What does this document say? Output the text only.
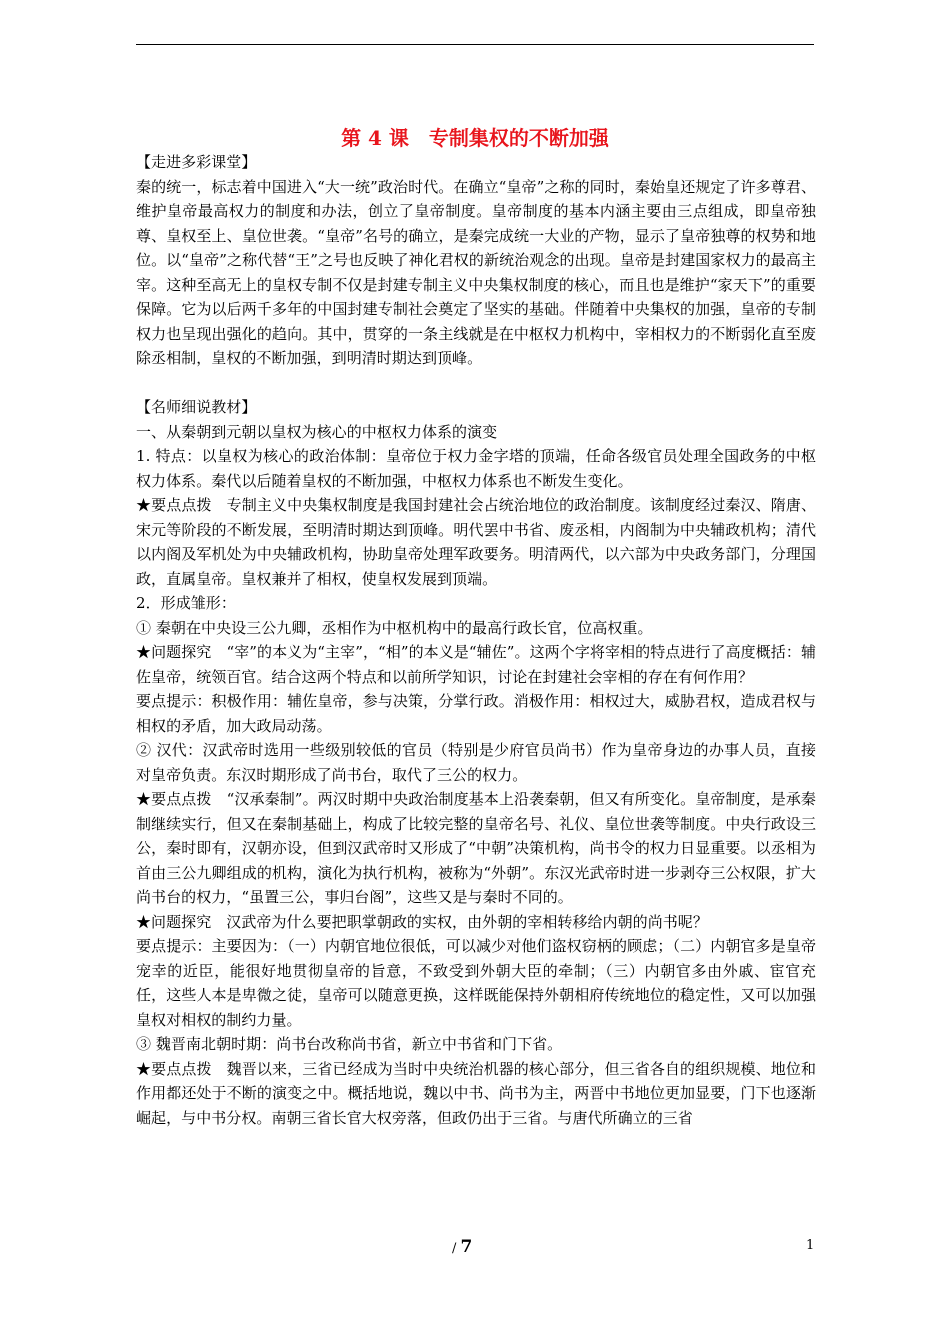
第 4 课　专制集权的不断加强

【走进多彩课堂】

秦的统一，标志着中国进入“大一统”政治时代。在确立“皇帝”之称的同时，秦始皇还规定了许多尊君、维护皇帝最高权力的制度和办法，创立了皇帝制度。皇帝制度的基本内涵主要由三点组成，即皇帝独尊、皇权至上、皇位世袭。“皇帝”名号的确立，是秦完成统一大业的产物，显示了皇帝独尊的权势和地位。以“皇帝”之称代替“王”之号也反映了神化君权的新统治观念的出现。皇帝是封建国家权力的最高主宰。这种至高无上的皇权专制不仅是封建专制主义中央集权制度的核心，而且也是维护“家天下”的重要保障。它为以后两千多年的中国封建专制社会奠定了坚实的基础。伴随着中央集权的加强，皇帝的专制权力也呈现出强化的趋向。其中，贯穿的一条主线就是在中枢权力机构中，宰相权力的不断弱化直至废除丞相制，皇权的不断加强，到明清时期达到顶峰。

【名师细说教材】

一、从秦朝到元朝以皇权为核心的中枢权力体系的演变

1. 特点：以皇权为核心的政治体制：皇帝位于权力金字塔的顶端，任命各级官员处理全国政务的中枢权力体系。秦代以后随着皇权的不断加强，中枢权力体系也不断发生变化。

★要点点拨　专制主义中央集权制度是我国封建社会占统治地位的政治制度。该制度经过秦汉、隋唐、宋元等阶段的不断发展，至明清时期达到顶峰。明代罢中书省、废丞相，内阁制为中央辅政机构；清代以内阁及军机处为中央辅政机构，协助皇帝处理军政要务。明清两代，以六部为中央政务部门，分理国政，直属皇帝。皇权兼并了相权，使皇权发展到顶端。

2．形成雏形：

① 秦朝在中央设三公九卿，丞相作为中枢机构中的最高行政长官，位高权重。

★问题探究　“宰”的本义为“主宰”，“相”的本义是“辅佐”。这两个字将宰相的特点进行了高度概括：辅佐皇帝，统领百官。结合这两个特点和以前所学知识，讨论在封建社会宰相的存在有何作用？

要点提示：积极作用：辅佐皇帝，参与决策，分掌行政。消极作用：相权过大，威胁君权，造成君权与相权的矛盾，加大政局动荡。

② 汉代：汉武帝时选用一些级别较低的官员（特别是少府官员尚书）作为皇帝身边的办事人员，直接对皇帝负责。东汉时期形成了尚书台，取代了三公的权力。

★要点点拨　“汉承秦制”。两汉时期中央政治制度基本上沿袭秦朝，但又有所变化。皇帝制度，是承秦制继续实行，但又在秦制基础上，构成了比较完整的皇帝名号、礼仪、皇位世袭等制度。中央行政设三公，秦时即有，汉朝亦设，但到汉武帝时又形成了“中朝”决策机构，尚书令的权力日显重要。以丞相为首由三公九卿组成的机构，演化为执行机构，被称为“外朝”。东汉光武帝时进一步剥夺三公权限，扩大尚书台的权力，“虽置三公，事归台阁”，这些又是与秦时不同的。

★问题探究　汉武帝为什么要把职掌朝政的实权，由外朝的宰相转移给内朝的尚书呢？

要点提示：主要因为：（一）内朝官地位很低，可以减少对他们盗权窃柄的顾虑；（二）内朝官多是皇帝宠幸的近臣，能很好地贯彻皇帝的旨意，不致受到外朝大臣的牵制；（三）内朝官多由外戚、宦官充任，这些人本是卑微之徒，皇帝可以随意更换，这样既能保持外朝相府传统地位的稳定性，又可以加强皇权对相权的制约力量。

③ 魏晋南北朝时期：尚书台改称尚书省，新立中书省和门下省。

★要点点拨　魏晋以来，三省已经成为当时中央统治机器的核心部分，但三省各自的组织规模、地位和作用都还处于不断的演变之中。概括地说，魏以中书、尚书为主，两晋中书地位更加显要，门下也逐渐崛起，与中书分权。南朝三省长官大权旁落，但政仍出于三省。与唐代所确立的三省

/ 7	1
